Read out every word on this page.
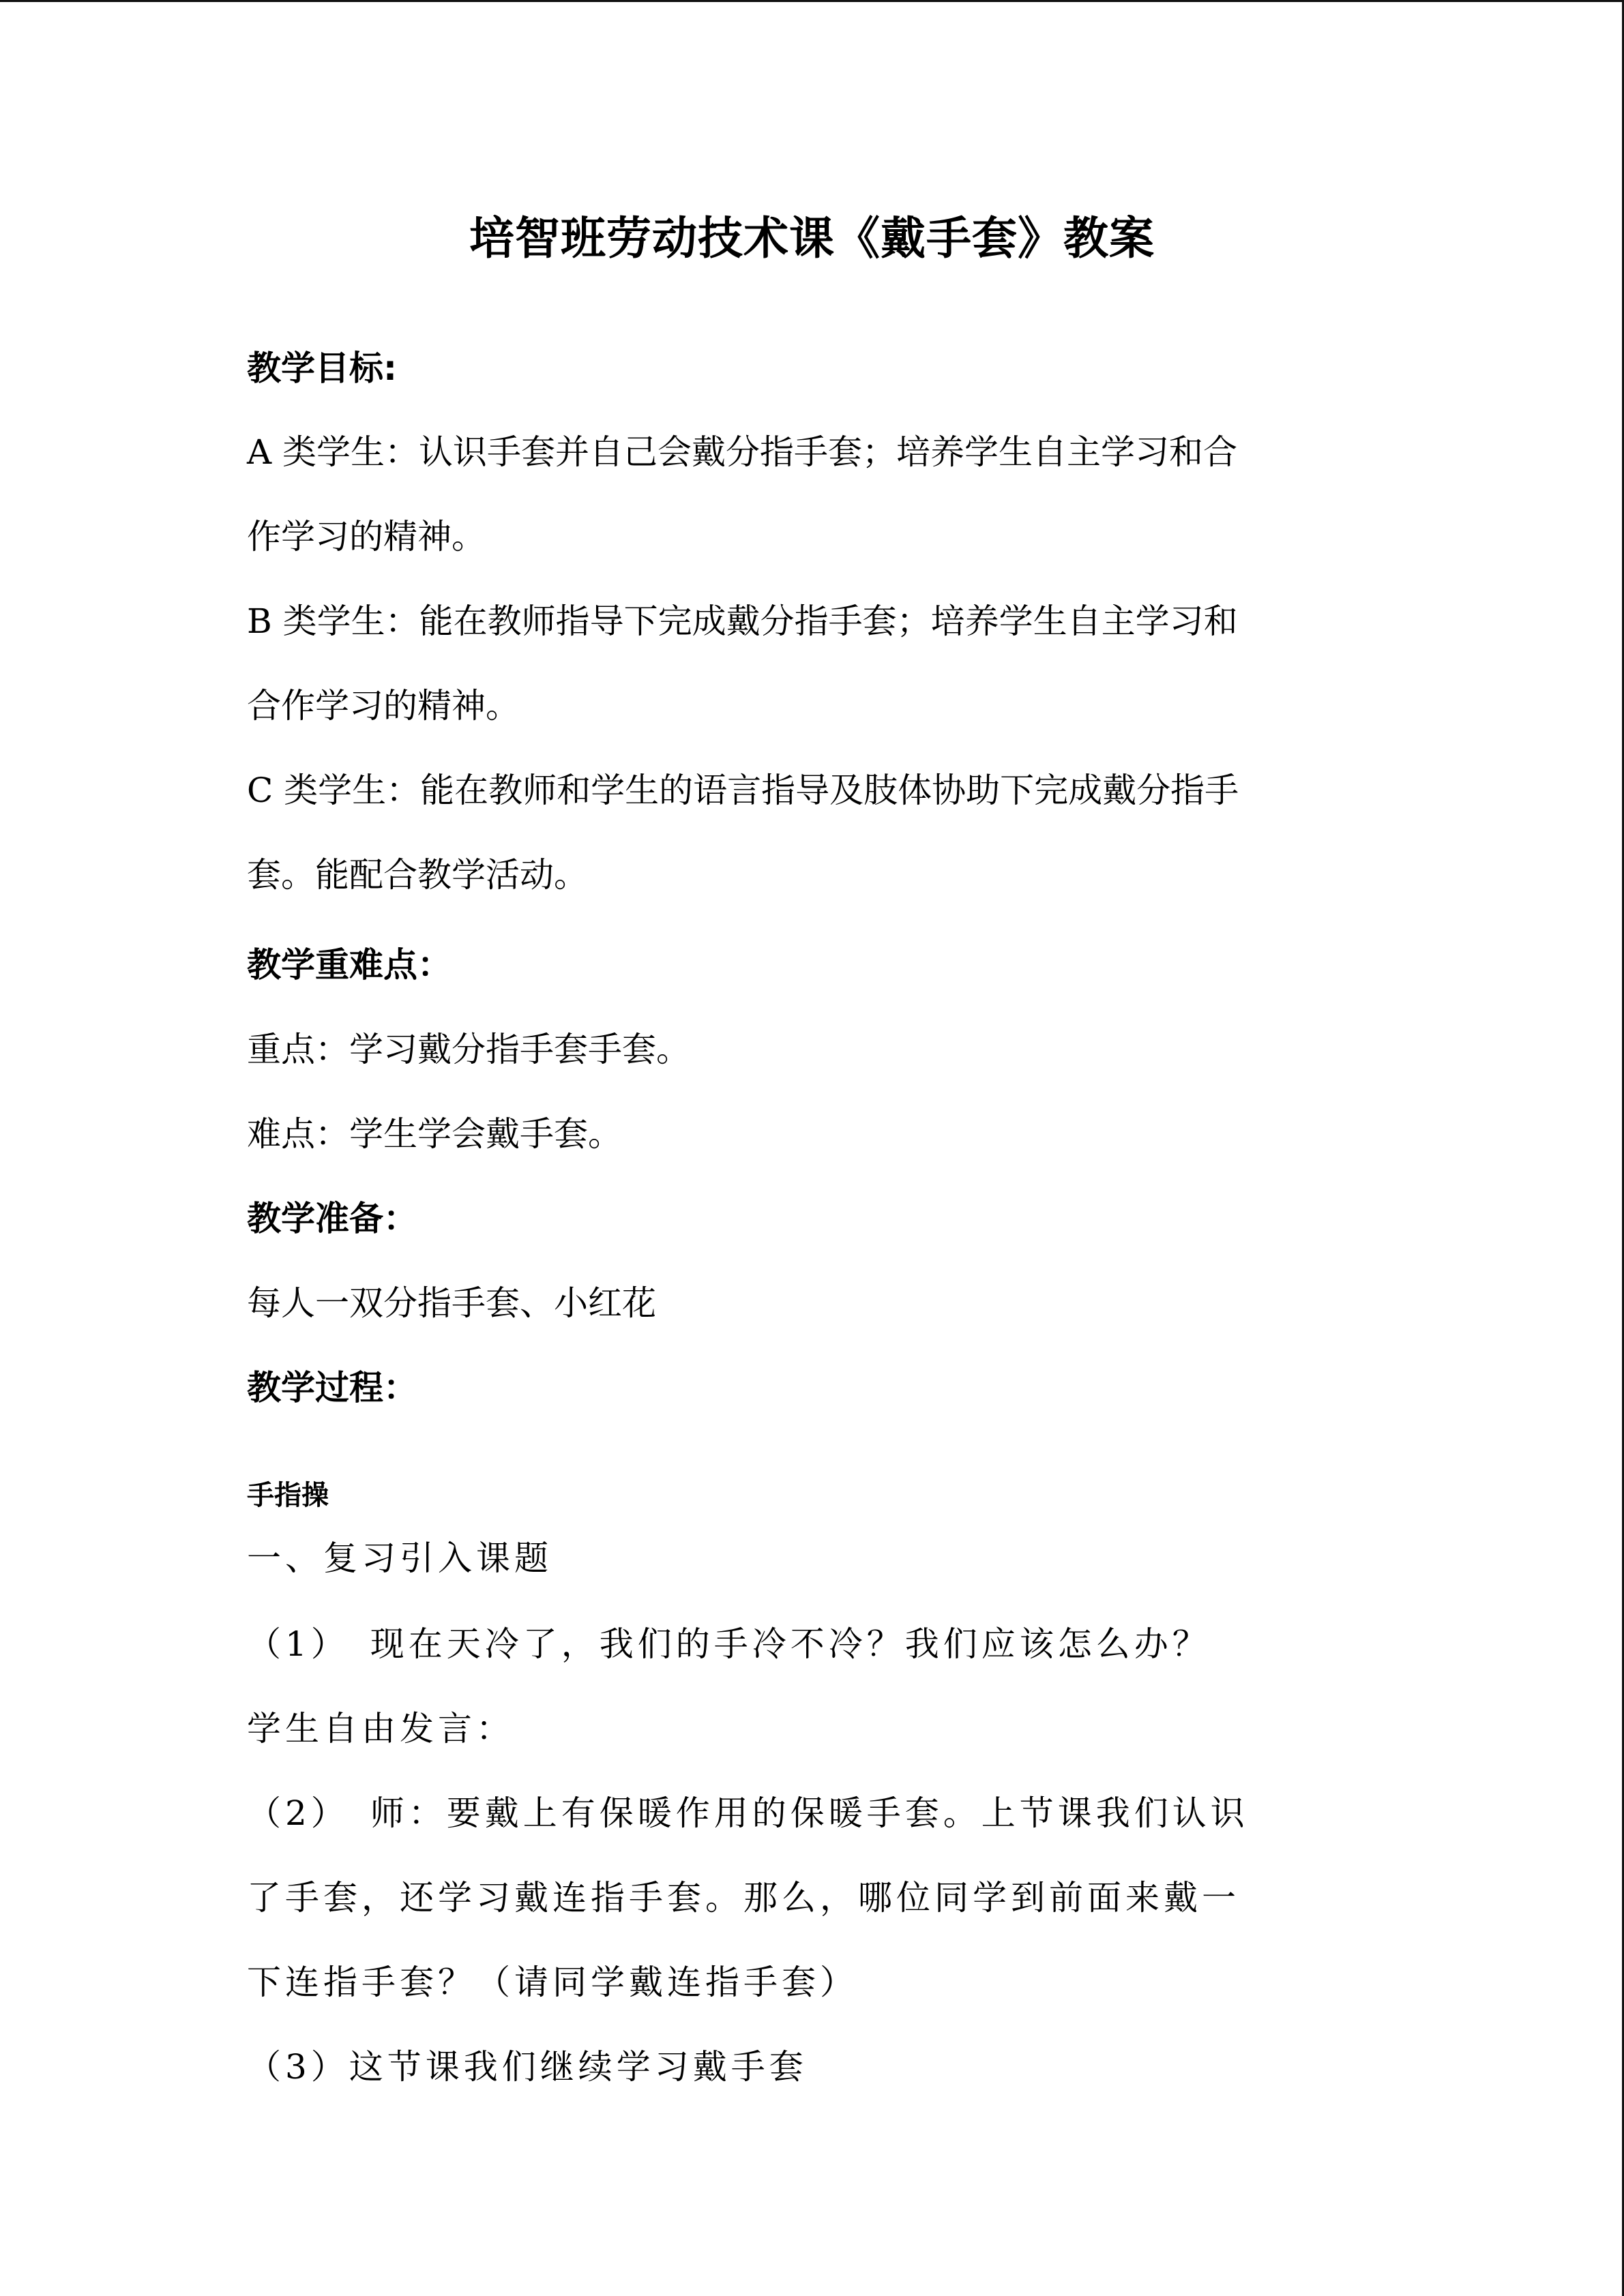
培智班劳动技术课《戴手套》教案
教学目标:
A 类学生：认识手套并自己会戴分指手套；培养学生自主学习和合
作学习的精神。
B 类学生：能在教师指导下完成戴分指手套；培养学生自主学习和
合作学习的精神。
C 类学生：能在教师和学生的语言指导及肢体协助下完成戴分指手
套。能配合教学活动。
教学重难点：
重点：学习戴分指手套手套。
难点：学生学会戴手套。
教学准备：
每人一双分指手套、小红花
教学过程：
手指操
一、复习引入课题
（1）　现在天冷了，我们的手冷不冷？我们应该怎么办？
学生自由发言：
（2）　师：要戴上有保暖作用的保暖手套。上节课我们认识
了手套，还学习戴连指手套。那么，哪位同学到前面来戴一
下连指手套？（请同学戴连指手套）
（3）这节课我们继续学习戴手套
